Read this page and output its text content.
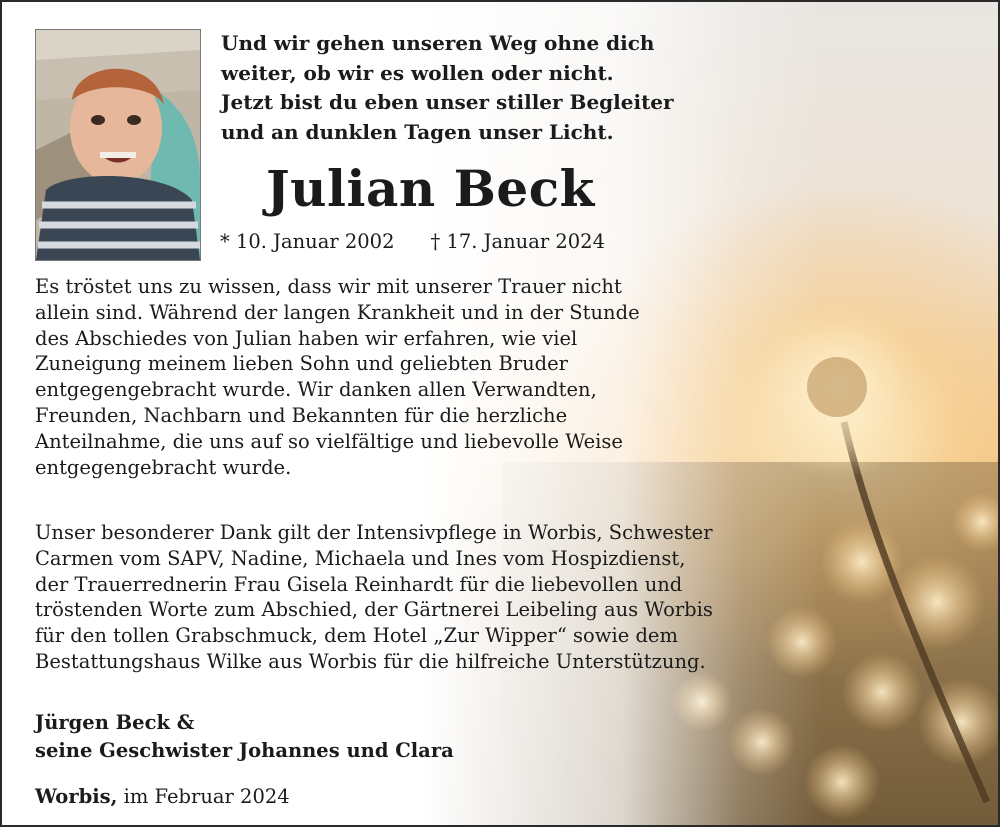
Und wir gehen unseren Weg ohne dich
weiter, ob wir es wollen oder nicht.
Jetzt bist du eben unser stiller Begleiter
und an dunklen Tagen unser Licht.
Julian Beck
* 10. Januar 2002 † 17. Januar 2024
Es tröstet uns zu wissen, dass wir mit unserer Trauer nicht
allein sind. Während der langen Krankheit und in der Stunde
des Abschiedes von Julian haben wir erfahren, wie viel
Zuneigung meinem lieben Sohn und geliebten Bruder
entgegengebracht wurde. Wir danken allen Verwandten,
Freunden, Nachbarn und Bekannten für die herzliche
Anteilnahme, die uns auf so vielfältige und liebevolle Weise
entgegengebracht wurde.
Unser besonderer Dank gilt der Intensivpflege in Worbis, Schwester
Carmen vom SAPV, Nadine, Michaela und Ines vom Hospizdienst,
der Trauerrednerin Frau Gisela Reinhardt für die liebevollen und
tröstenden Worte zum Abschied, der Gärtnerei Leibeling aus Worbis
für den tollen Grabschmuck, dem Hotel „Zur Wipper“ sowie dem
Bestattungshaus Wilke aus Worbis für die hilfreiche Unterstützung.
Jürgen Beck &
seine Geschwister Johannes und Clara
Worbis, im Februar 2024
